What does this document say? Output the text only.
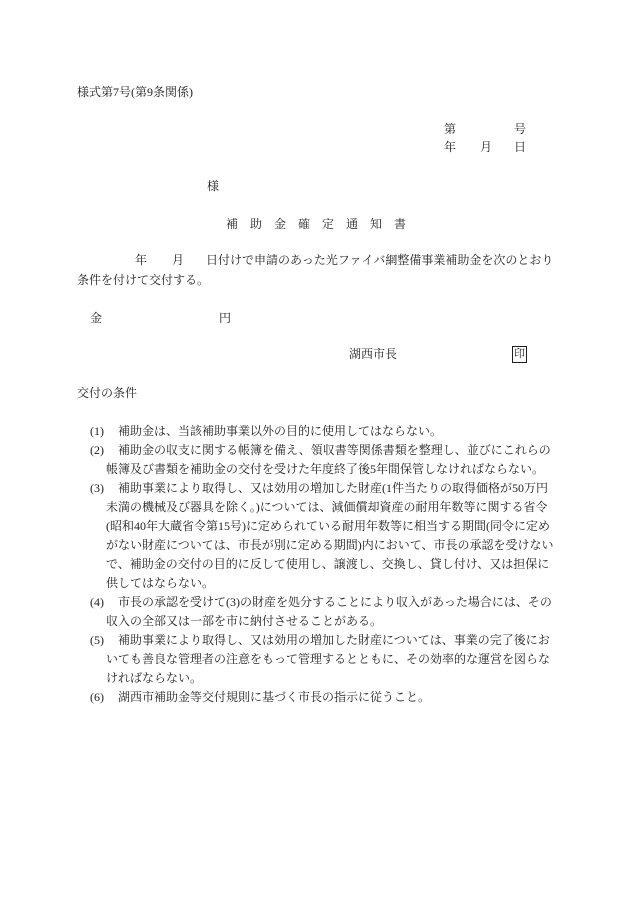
様式第7号(第9条関係)
第	号
年 月 日
様
補　助　金　確　定　通　知　書
年 月 日付けで申請のあった光ファイバ網整備事業補助金を次のとおり
条件を付けて交付する。
金	円
湖西市長	印
交付の条件
(1) 補助金は、当該補助事業以外の目的に使用してはならない。
(2) 補助金の収支に関する帳簿を備え、領収書等関係書類を整理し、並びにこれらの
帳簿及び書類を補助金の交付を受けた年度終了後5年間保管しなければならない。
(3) 補助事業により取得し、又は効用の増加した財産(1件当たりの取得価格が50万円
未満の機械及び器具を除く。)については、減価償却資産の耐用年数等に関する省令
(昭和40年大蔵省令第15号)に定められている耐用年数等に相当する期間(同令に定め
がない財産については、市長が別に定める期間)内において、市長の承認を受けない
で、補助金の交付の目的に反して使用し、譲渡し、交換し、貸し付け、又は担保に
供してはならない。
(4) 市長の承認を受けて(3)の財産を処分することにより収入があった場合には、その
収入の全部又は一部を市に納付させることがある。
(5) 補助事業により取得し、又は効用の増加した財産については、事業の完了後にお
いても善良な管理者の注意をもって管理するとともに、その効率的な運営を図らな
ければならない。
(6) 湖西市補助金等交付規則に基づく市長の指示に従うこと。
